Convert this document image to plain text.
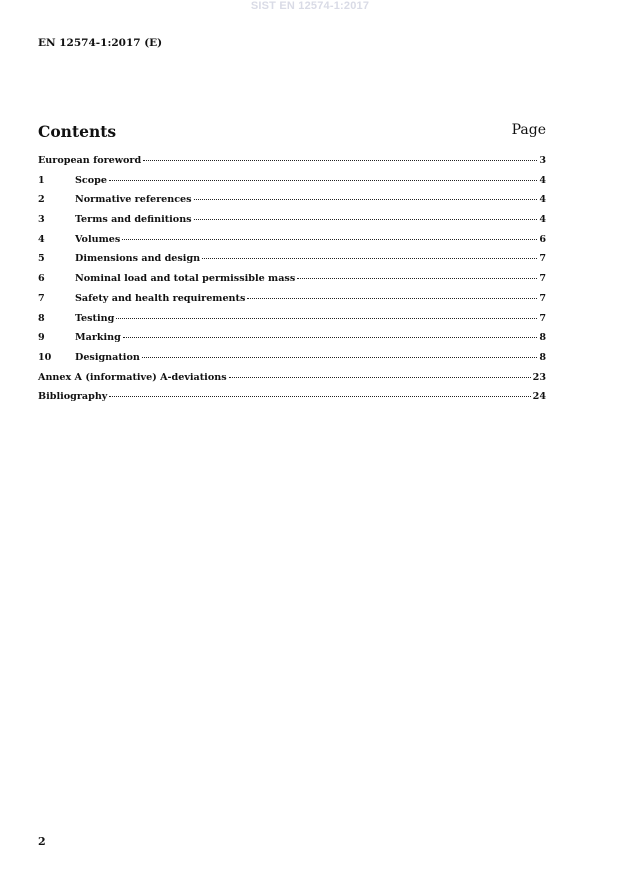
SIST EN 12574-1:2017
EN 12574-1:2017 (E)
Contents	Page
European foreword	3
1	Scope	4
2	Normative references	4
3	Terms and definitions	4
4	Volumes	6
5	Dimensions and design	7
6	Nominal load and total permissible mass	7
7	Safety and health requirements	7
8	Testing	7
9	Marking	8
10	Designation	8
Annex A (informative) A-deviations	23
Bibliography	24
2
